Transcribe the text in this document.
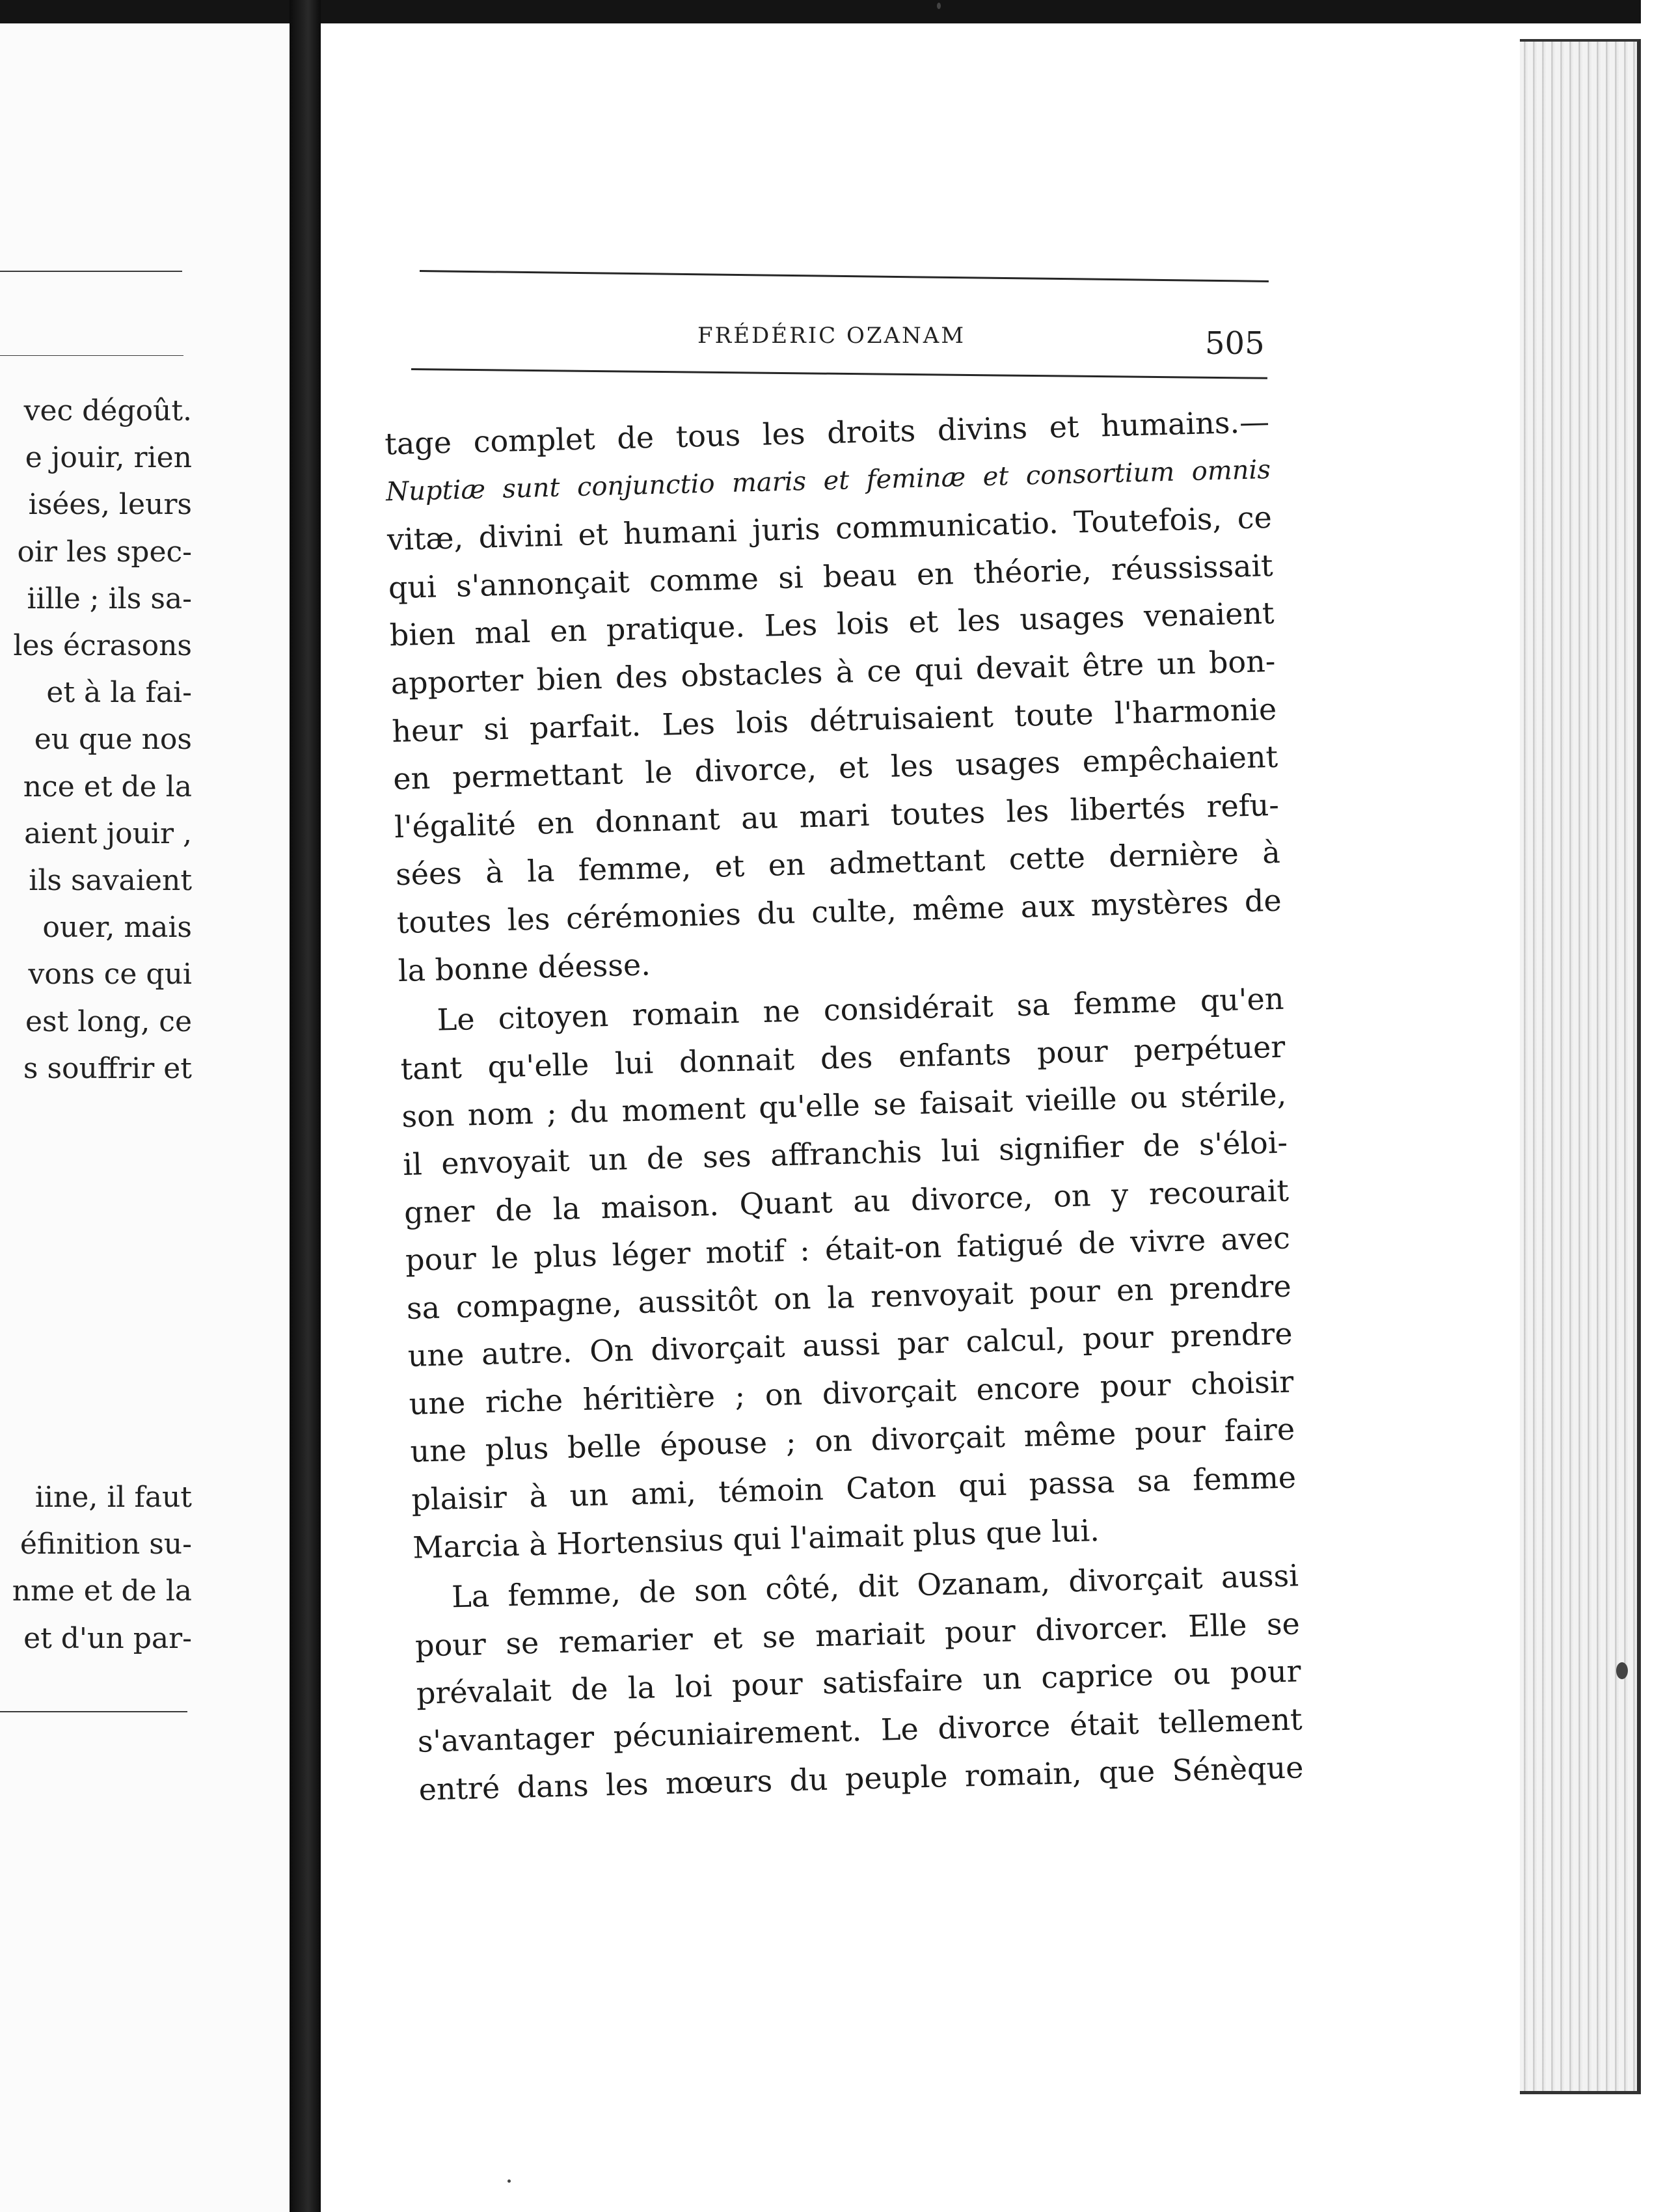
vec dégoût.
e jouir, rien
isées, leurs
oir les spec-
iille ; ils sa-
les écrasons
et à la fai-
eu que nos
nce et de la
aient jouir ,
ils savaient
ouer, mais
vons ce qui
est long, ce
s souffrir et
iine, il faut
éfinition su-
nme et de la
et d'un par-
FRÉDÉRIC OZANAM	505
tage complet de tous les droits divins et humains.—
Nuptiæ sunt conjunctio maris et feminæ et consortium omnis
vitæ, divini et humani juris communicatio. Toutefois, ce
qui s'annonçait comme si beau en théorie, réussissait
bien mal en pratique. Les lois et les usages venaient
apporter bien des obstacles à ce qui devait être un bon-
heur si parfait. Les lois détruisaient toute l'harmonie
en permettant le divorce, et les usages empêchaient
l'égalité en donnant au mari toutes les libertés refu-
sées à la femme, et en admettant cette dernière à
toutes les cérémonies du culte, même aux mystères de
la bonne déesse.
Le citoyen romain ne considérait sa femme qu'en
tant qu'elle lui donnait des enfants pour perpétuer
son nom ; du moment qu'elle se faisait vieille ou stérile,
il envoyait un de ses affranchis lui signifier de s'éloi-
gner de la maison. Quant au divorce, on y recourait
pour le plus léger motif : était-on fatigué de vivre avec
sa compagne, aussitôt on la renvoyait pour en prendre
une autre. On divorçait aussi par calcul, pour prendre
une riche héritière ; on divorçait encore pour choisir
une plus belle épouse ; on divorçait même pour faire
plaisir à un ami, témoin Caton qui passa sa femme
Marcia à Hortensius qui l'aimait plus que lui.
La femme, de son côté, dit Ozanam, divorçait aussi
pour se remarier et se mariait pour divorcer. Elle se
prévalait de la loi pour satisfaire un caprice ou pour
s'avantager pécuniairement. Le divorce était tellement
entré dans les mœurs du peuple romain, que Sénèque
